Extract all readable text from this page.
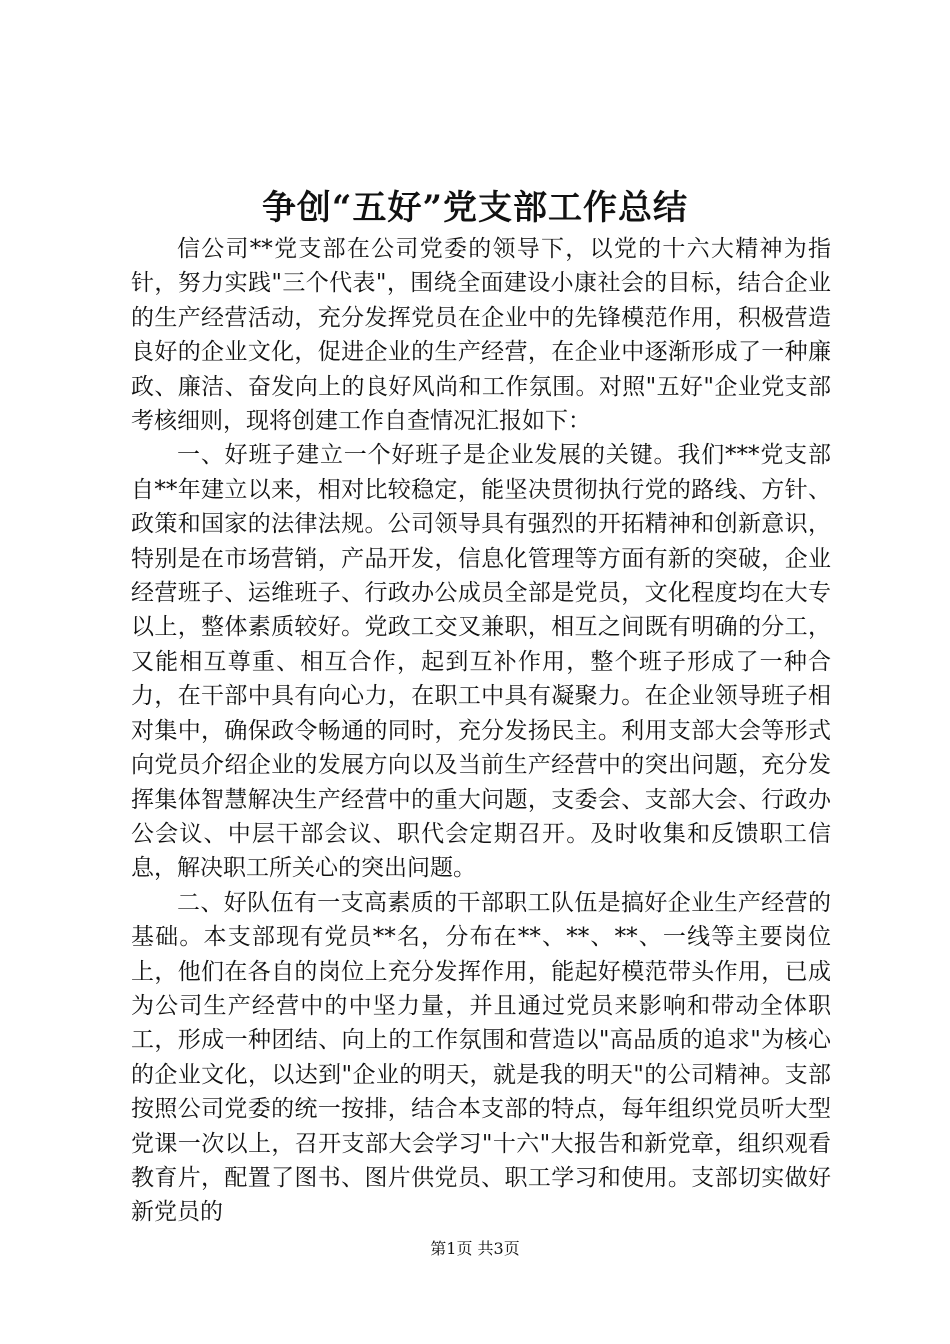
争创“五好”党支部工作总结

信公司**党支部在公司党委的领导下，以党的十六大精神为指针，努力实践"三个代表"，围绕全面建设小康社会的目标，结合企业的生产经营活动，充分发挥党员在企业中的先锋模范作用，积极营造良好的企业文化，促进企业的生产经营，在企业中逐渐形成了一种廉政、廉洁、奋发向上的良好风尚和工作氛围。对照"五好"企业党支部考核细则，现将创建工作自查情况汇报如下：

一、好班子建立一个好班子是企业发展的关键。我们***党支部自**年建立以来，相对比较稳定，能坚决贯彻执行党的路线、方针、政策和国家的法律法规。公司领导具有强烈的开拓精神和创新意识，特别是在市场营销，产品开发，信息化管理等方面有新的突破，企业经营班子、运维班子、行政办公成员全部是党员，文化程度均在大专以上，整体素质较好。党政工交叉兼职，相互之间既有明确的分工，又能相互尊重、相互合作，起到互补作用，整个班子形成了一种合力，在干部中具有向心力，在职工中具有凝聚力。在企业领导班子相对集中，确保政令畅通的同时，充分发扬民主。利用支部大会等形式向党员介绍企业的发展方向以及当前生产经营中的突出问题，充分发挥集体智慧解决生产经营中的重大问题，支委会、支部大会、行政办公会议、中层干部会议、职代会定期召开。及时收集和反馈职工信息，解决职工所关心的突出问题。

二、好队伍有一支高素质的干部职工队伍是搞好企业生产经营的基础。本支部现有党员**名，分布在**、**、**、一线等主要岗位上，他们在各自的岗位上充分发挥作用，能起好模范带头作用，已成为公司生产经营中的中坚力量，并且通过党员来影响和带动全体职工，形成一种团结、向上的工作氛围和营造以"高品质的追求"为核心的企业文化，以达到"企业的明天，就是我的明天"的公司精神。支部按照公司党委的统一按排，结合本支部的特点，每年组织党员听大型党课一次以上，召开支部大会学习"十六"大报告和新党章，组织观看教育片，配置了图书、图片供党员、职工学习和使用。支部切实做好新党员的

第1页 共3页
